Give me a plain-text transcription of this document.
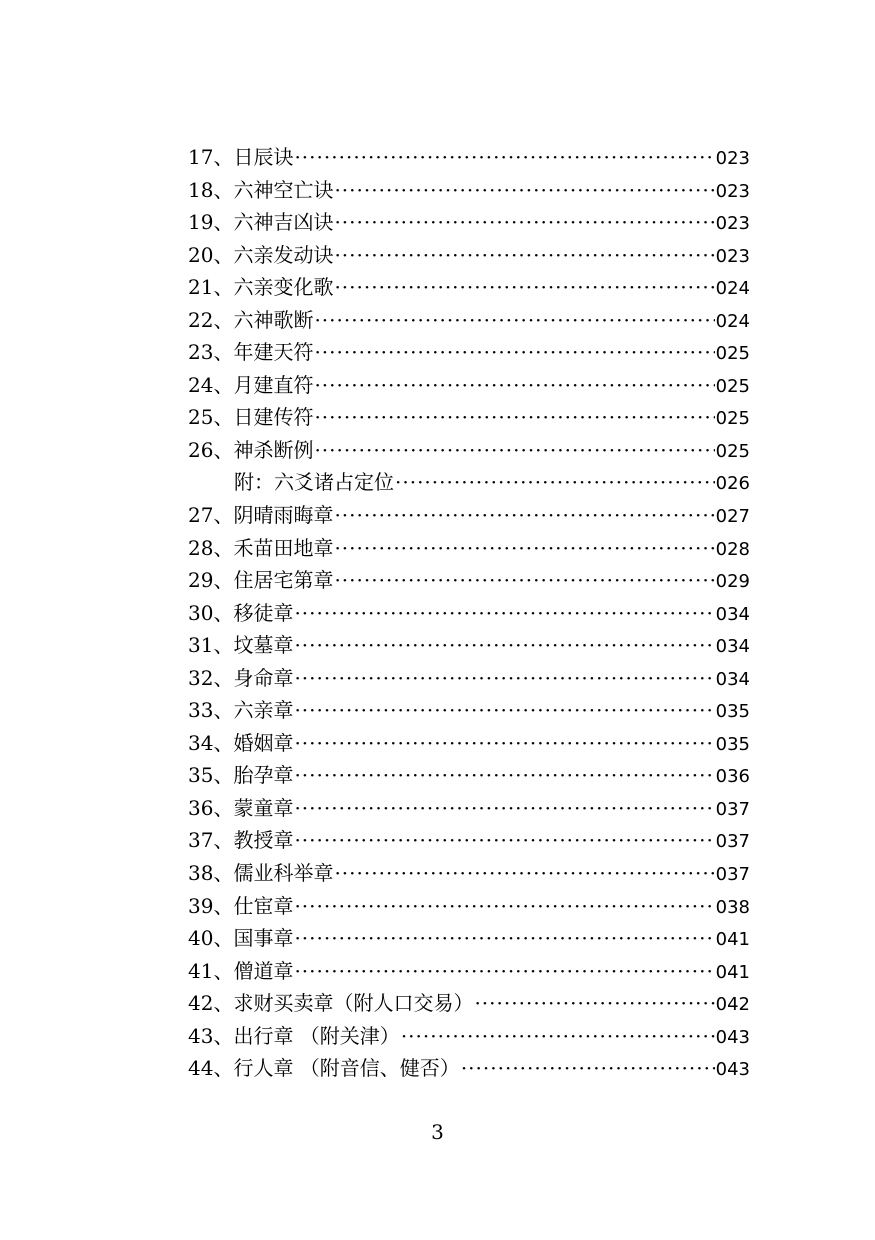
17、 日辰诀 ·····	023
18、 六神空亡诀 ·····	023
19、 六神吉凶诀 ·····	023
20、 六亲发动诀 ·····	023
21、 六亲变化歌 ·····	024
22、 六神歌断 ·····	024
23、 年建天符 ·····	025
24、 月建直符 ·····	025
25、 日建传符 ·····	025
26、 神杀断例 ·····	025
附：六爻诸占定位 ·····	026
27、 阴晴雨晦章 ·····	027
28、 禾苗田地章 ·····	028
29、 住居宅第章 ·····	029
30、 移徒章 ·····	034
31、 坟墓章 ·····	034
32、 身命章 ·····	034
33、 六亲章 ·····	035
34、 婚姻章 ·····	035
35、 胎孕章 ·····	036
36、 蒙童章 ·····	037
37、 教授章 ·····	037
38、 儒业科举章 ·····	037
39、 仕宦章 ·····	038
40、 国事章 ·····	041
41、 僧道章 ·····	041
42、 求财买卖章（附人口交易） ·····	042
43、 出行章 （附关津） ·····	043
44、 行人章 （附音信、健否） ·····	043
3
